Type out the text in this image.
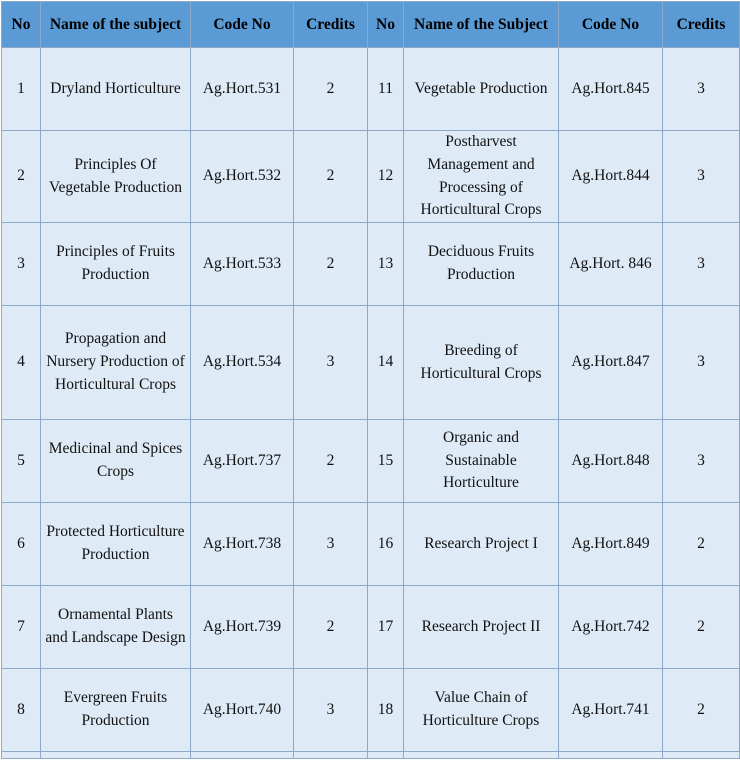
No	Name of the subject	Code No	Credits	No	Name of the Subject	Code No	Credits
1	Dryland Horticulture	Ag.Hort.531	2	11	Vegetable Production	Ag.Hort.845	3
2	Principles Of Vegetable Production	Ag.Hort.532	2	12	Postharvest Management and Processing of Horticultural Crops	Ag.Hort.844	3
3	Principles of Fruits Production	Ag.Hort.533	2	13	Deciduous Fruits Production	Ag.Hort. 846	3
4	Propagation and Nursery Production of Horticultural Crops	Ag.Hort.534	3	14	Breeding of Horticultural Crops	Ag.Hort.847	3
5	Medicinal and Spices Crops	Ag.Hort.737	2	15	Organic and Sustainable Horticulture	Ag.Hort.848	3
6	Protected Horticulture Production	Ag.Hort.738	3	16	Research Project I	Ag.Hort.849	2
7	Ornamental Plants and Landscape Design	Ag.Hort.739	2	17	Research Project II	Ag.Hort.742	2
8	Evergreen Fruits Production	Ag.Hort.740	3	18	Value Chain of Horticulture Crops	Ag.Hort.741	2
